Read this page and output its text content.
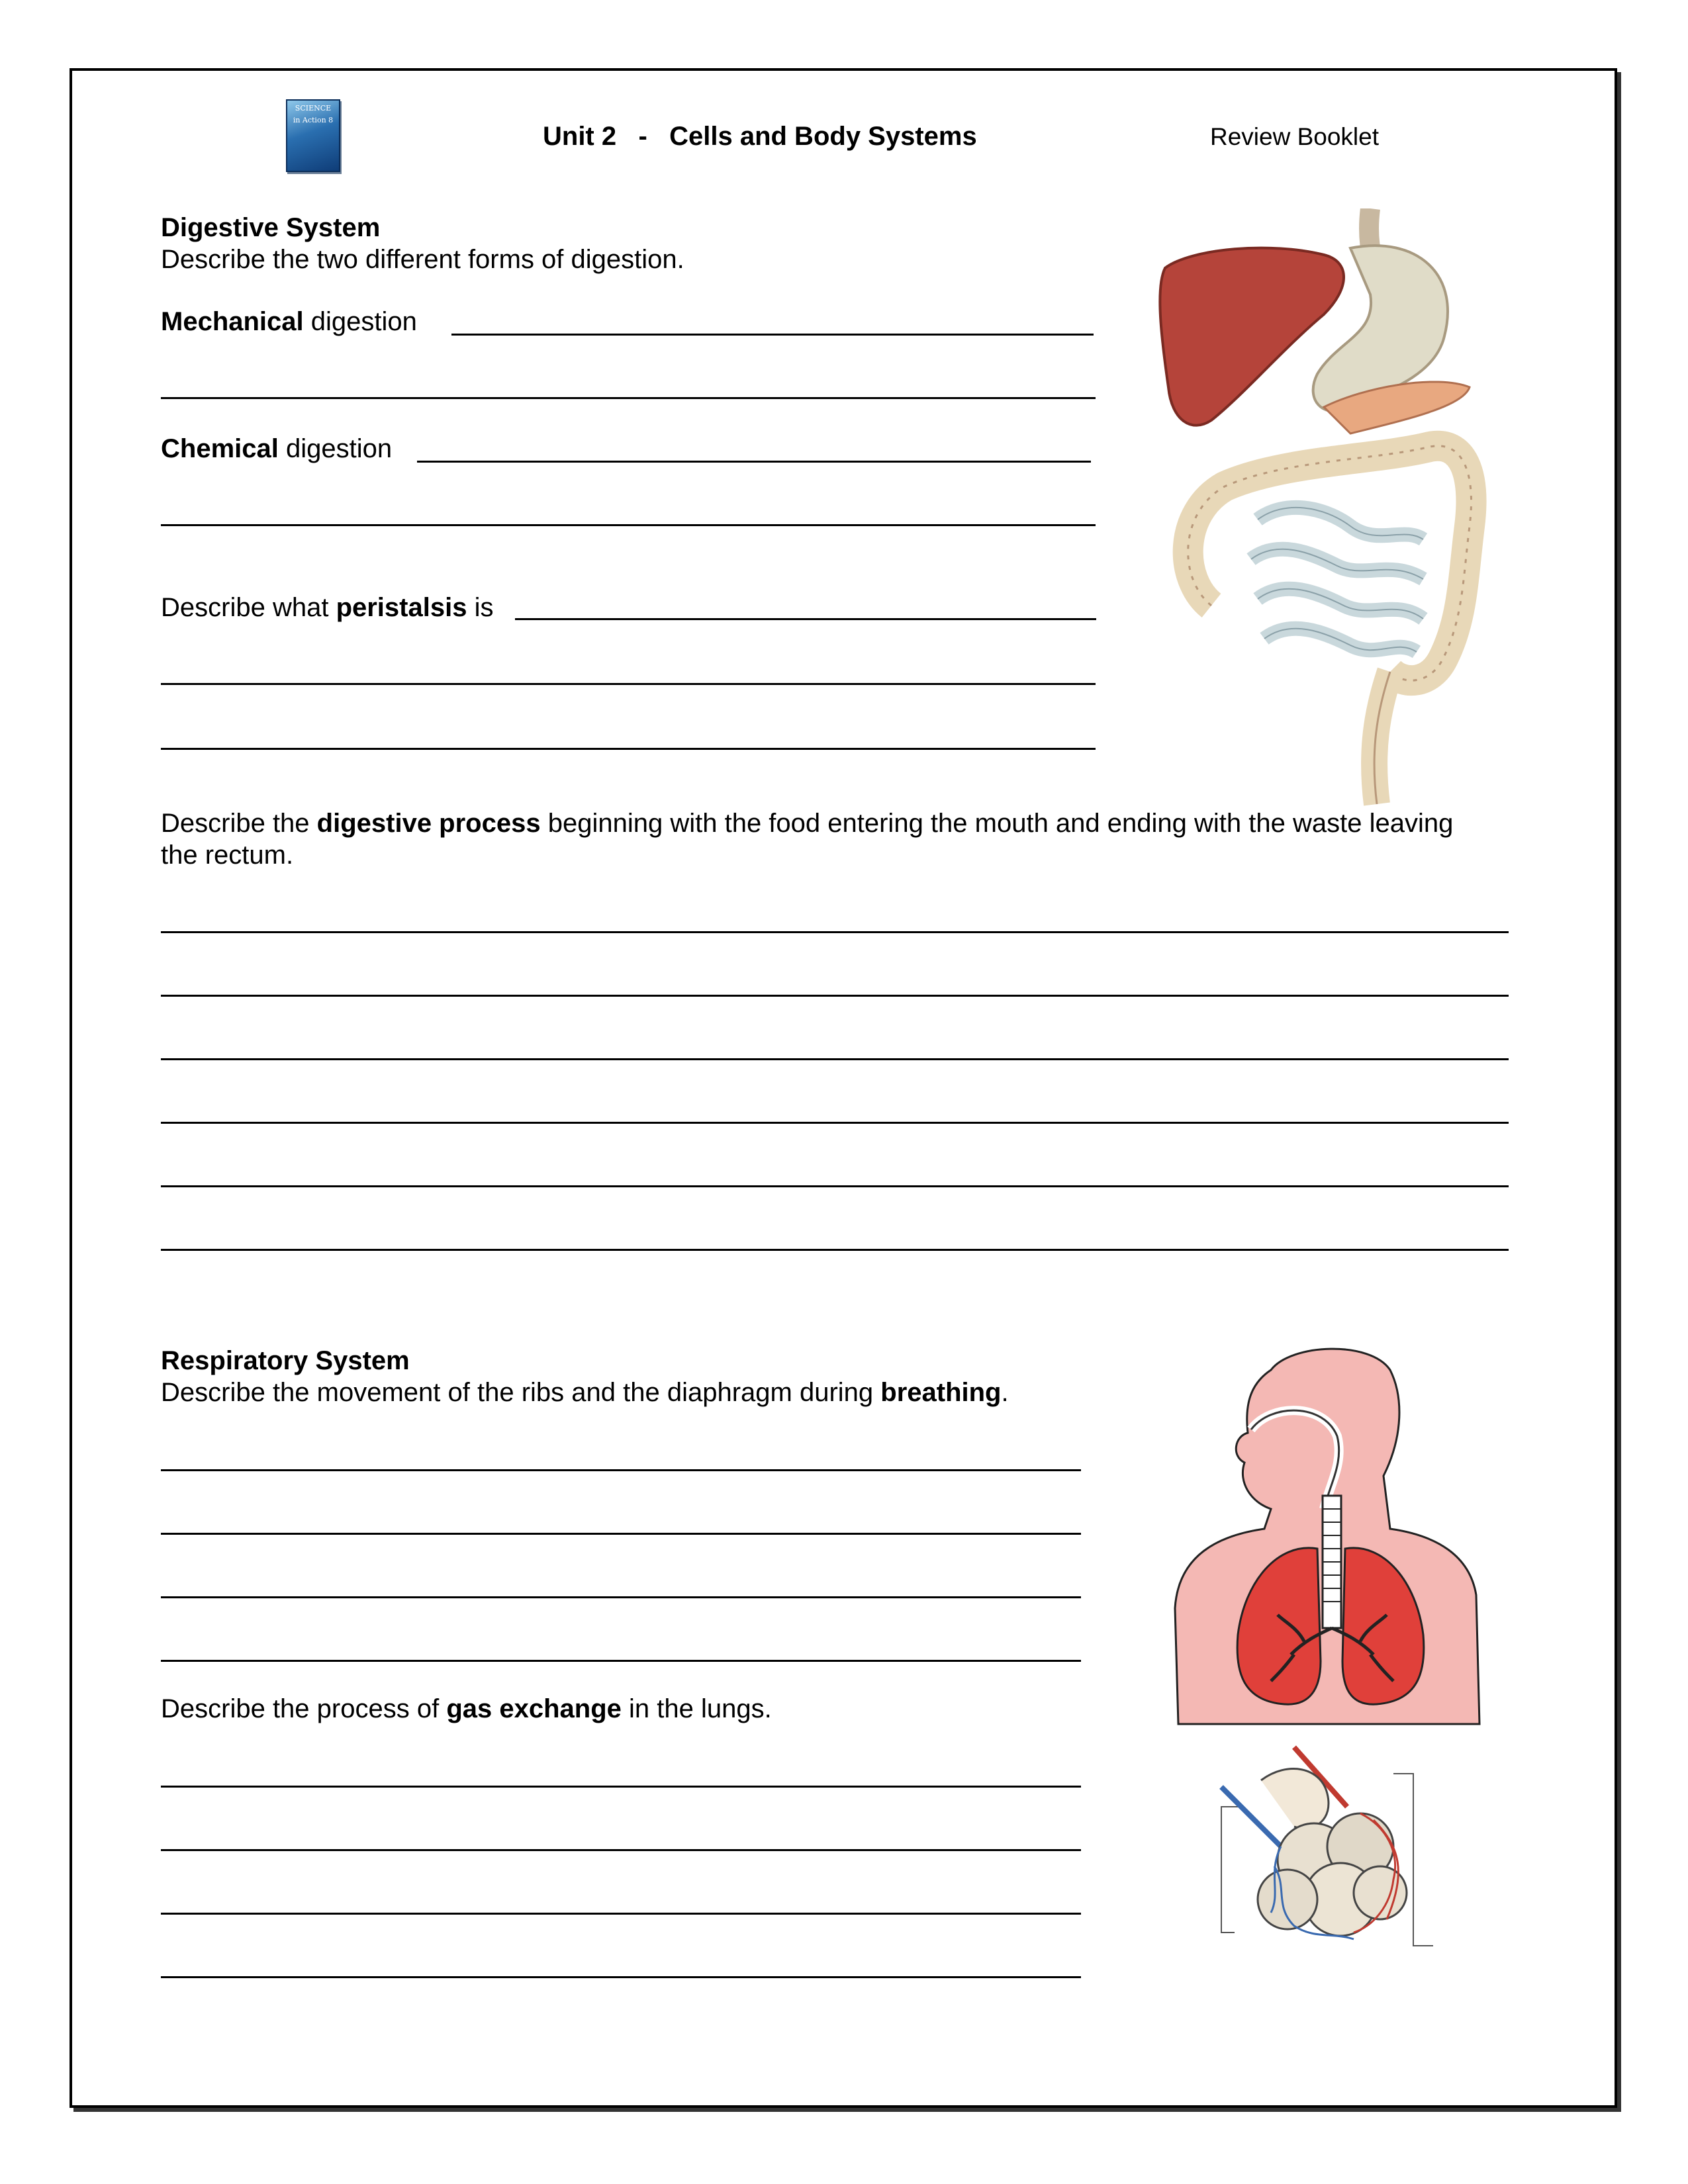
SCIENCE
in Action 8
Unit 2   -   Cells and Body Systems	Review Booklet
Digestive System
Describe the two different forms of digestion.
Mechanical digestion
Chemical digestion
Describe what peristalsis is
Describe the digestive process beginning with the food entering the mouth and ending with the waste leaving
the rectum.
Respiratory System
Describe the movement of the ribs and the diaphragm during breathing.
Describe the process of gas exchange in the lungs.
